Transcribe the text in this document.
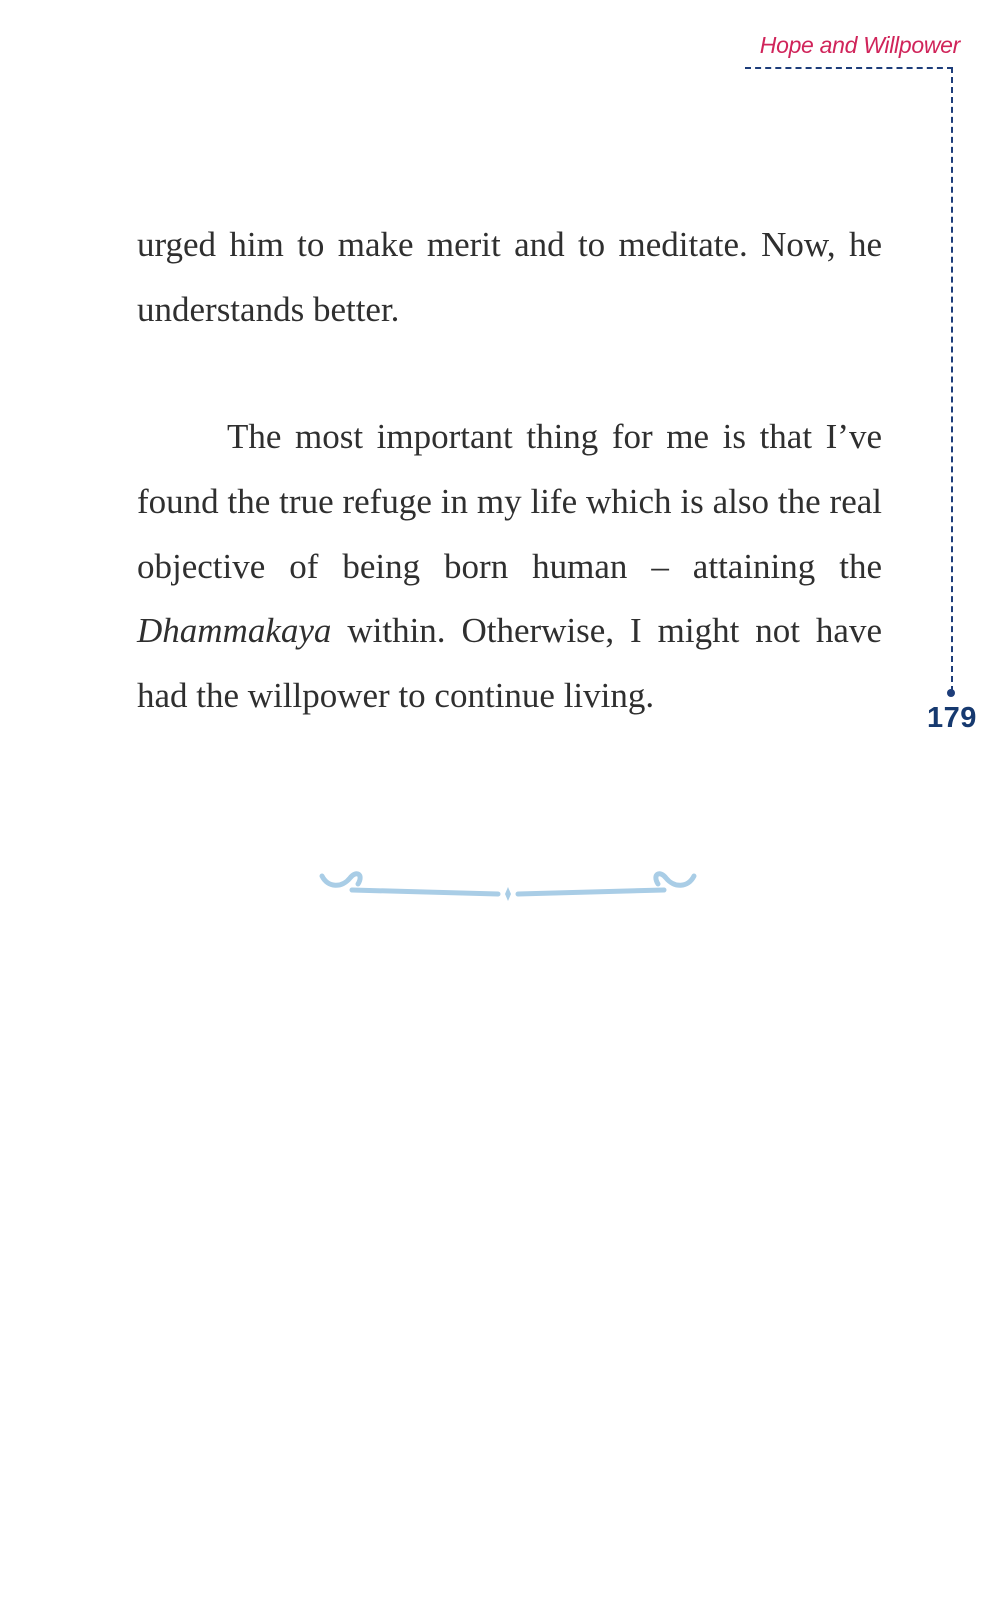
Hope and Willpower
179

urged him to make merit and to meditate. Now, he understands better.

The most important thing for me is that I’ve found the true refuge in my life which is also the real objective of being born human – attaining the Dhammakaya within. Otherwise, I might not have had the willpower to continue living.
